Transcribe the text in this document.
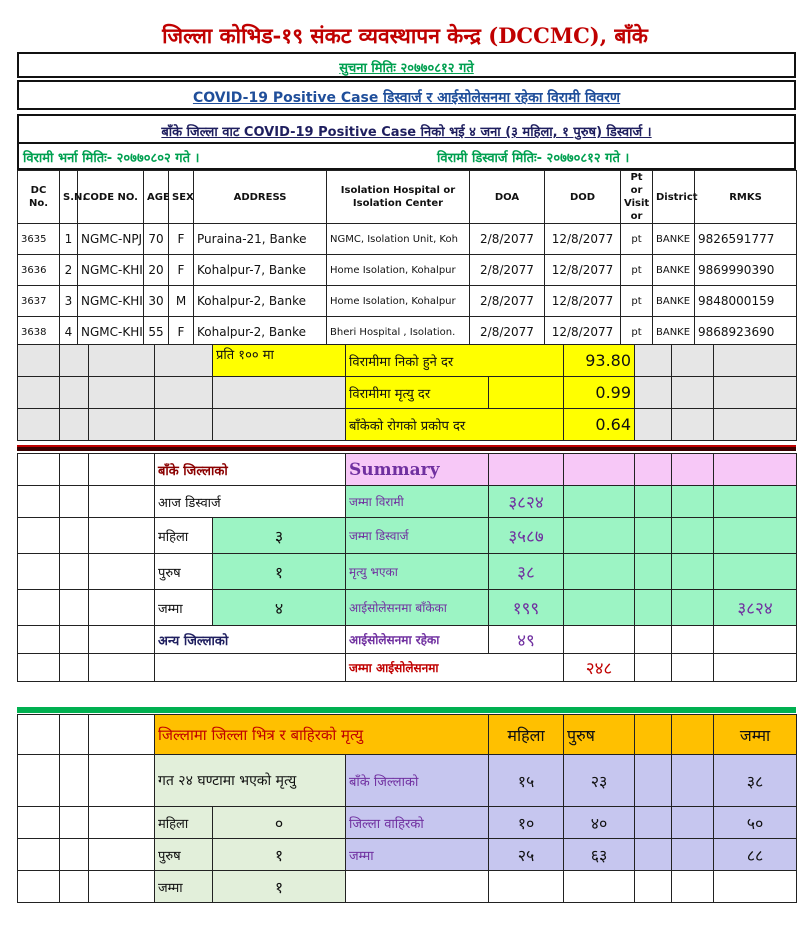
जिल्ला कोभिड-१९ संकट व्यवस्थापन केन्द्र (DCCMC), बाँके
सुचना मितिः २०७७०८१२ गते
COVID-19 Positive Case डिस्वार्ज र आईसोलेसनमा रहेका विरामी विवरण
बाँके जिल्ला वाट COVID-19 Positive Case निको भई ४ जना (३ महिला, १ पुरुष) डिस्वार्ज ।
विरामी भर्ना मितिः- २०७७०८०२ गते ।	विरामी डिस्वार्ज मितिः- २०७७०८१२ गते ।
DC No.	S.N.	CODE NO.	AGE	SEX	ADDRESS	Isolation Hospital or Isolation Center	DOA	DOD	Pt or Visit or	District	RMKS
3635	1	NGMC-NPJ	70	F	Puraina-21, Banke	NGMC, Isolation Unit, Koh	2/8/2077	12/8/2077	pt	BANKE	9826591777
3636	2	NGMC-KHI	20	F	Kohalpur-7, Banke	Home Isolation, Kohalpur	2/8/2077	12/8/2077	pt	BANKE	9869990390
3637	3	NGMC-KHI	30	M	Kohalpur-2, Banke	Home Isolation, Kohalpur	2/8/2077	12/8/2077	pt	BANKE	9848000159
3638	4	NGMC-KHI	55	F	Kohalpur-2, Banke	Bheri Hospital , Isolation.	2/8/2077	12/8/2077	pt	BANKE	9868923690
				प्रति १०० मा	विरामीमा निको हुने दर		93.80			
					विरामीमा मृत्यु दर		0.99			
					बाँकेको रोगको प्रकोप दर		0.64			
			बाँके जिल्लाको		Summary					
			आज डिस्वार्ज		जम्मा विरामी	३८२४				
			महिला	३	जम्मा डिस्वार्ज	३५८७				
			पुरुष	१	मृत्यु भएका	३८				
			जम्मा	४	आईसोलेसनमा बाँकेका	१९९				३८२४
			अन्य जिल्लाको		आईसोलेसनमा रहेका	४९				
					जम्मा आईसोलेसनमा		२४८			
			जिल्लामा जिल्ला भित्र र बाहिरको मृत्यु			महिला	पुरुष			जम्मा
			गत २४ घण्टामा भएको मृत्यु		बाँके जिल्लाको	१५	२३			३८
			महिला	०	जिल्ला वाहिरको	१०	४०			५०
			पुरुष	१	जम्मा	२५	६३			८८
			जम्मा	१						
